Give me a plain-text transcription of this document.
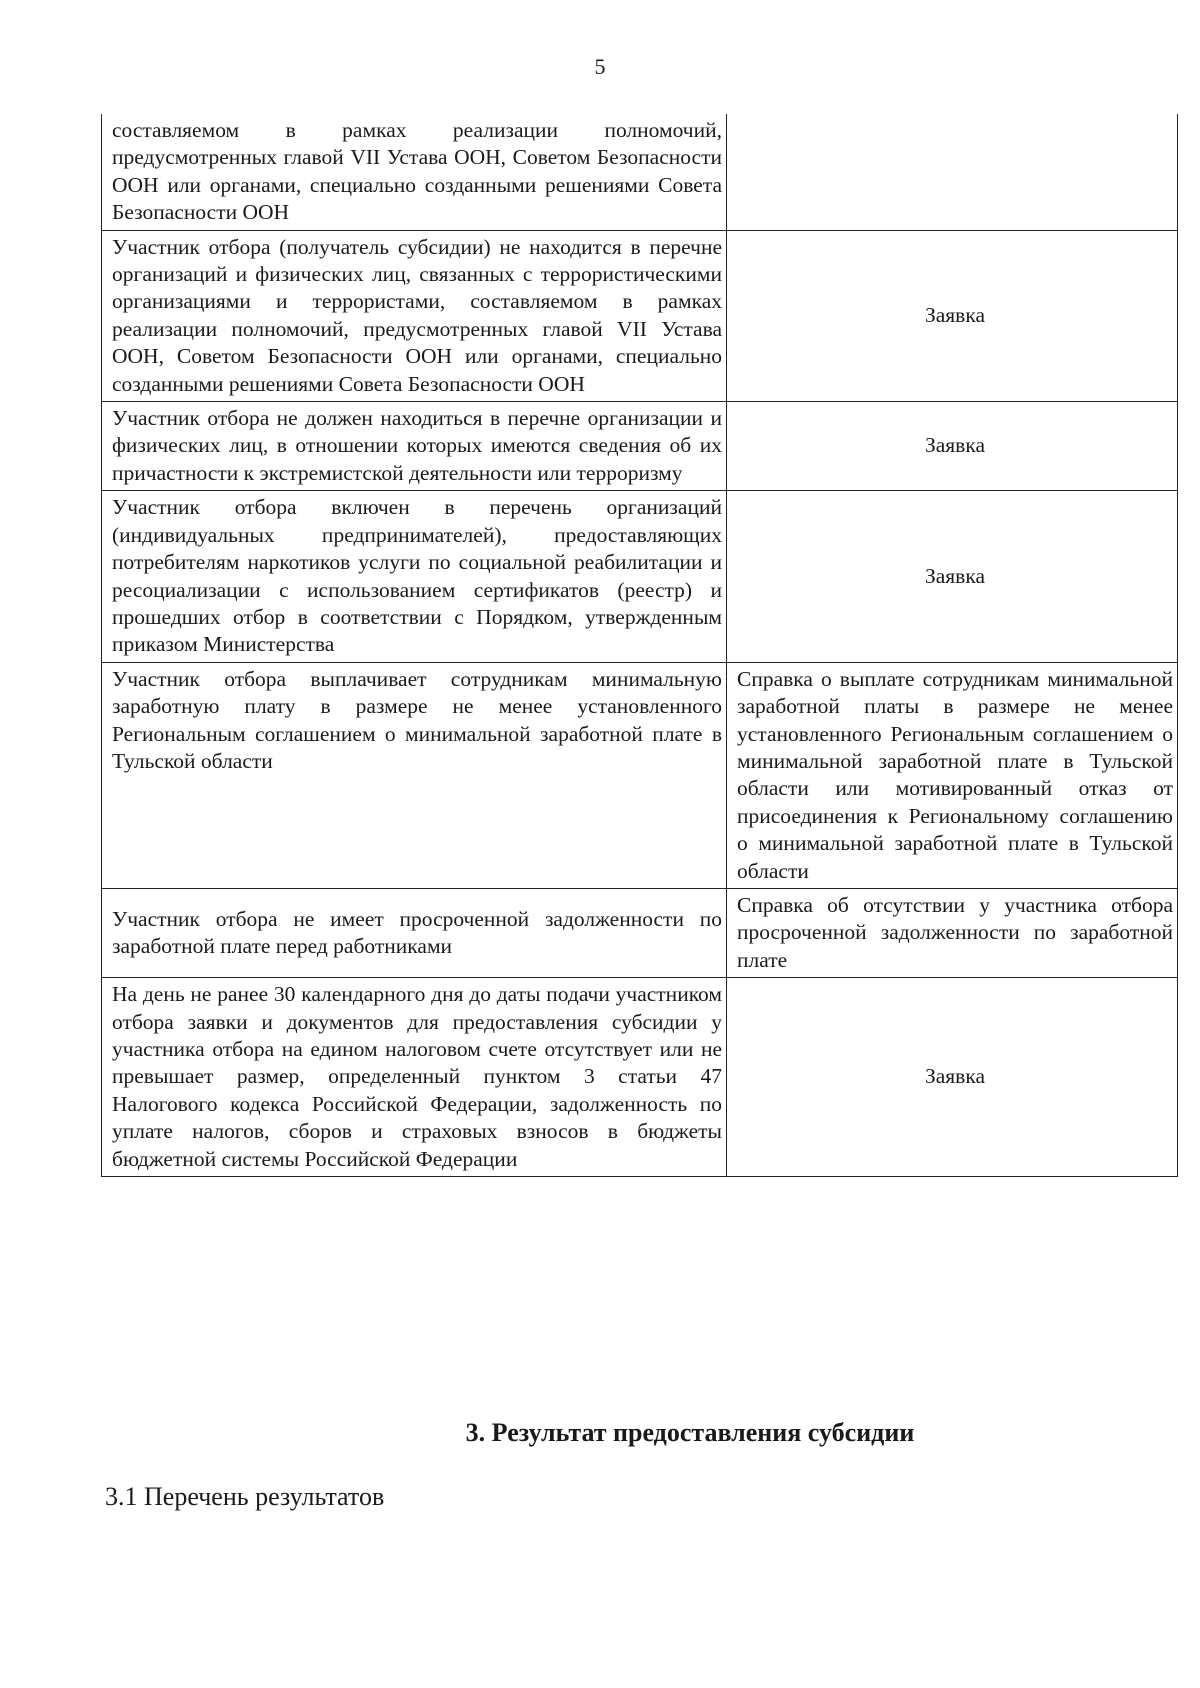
5
составляемом в рамках реализации полномочий, предусмотренных главой VII Устава ООН, Советом Безопасности ООН или органами, специально созданными решениями Совета Безопасности ООН	
Участник отбора (получатель субсидии) не находится в перечне организаций и физических лиц, связанных с террористическими организациями и террористами, составляемом в рамках реализации полномочий, предусмотренных главой VII Устава ООН, Советом Безопасности ООН или органами, специально созданными решениями Совета Безопасности ООН	Заявка
Участник отбора не должен находиться в перечне организации и физических лиц, в отношении которых имеются сведения об их причастности к экстремистской деятельности или терроризму	Заявка
Участник отбора включен в перечень организаций (индивидуальных предпринимателей), предоставляющих потребителям наркотиков услуги по социальной реабилитации и ресоциализации с использованием сертификатов (реестр) и прошедших отбор в соответствии с Порядком, утвержденным приказом Министерства	Заявка
Участник отбора выплачивает сотрудникам минимальную заработную плату в размере не менее установленного Региональным соглашением о минимальной заработной плате в Тульской области	Справка о выплате сотрудникам минимальной заработной платы в размере не менее установленного Региональным соглашением о минимальной заработной плате в Тульской области или мотивированный отказ от присоединения к Региональному соглашению о минимальной заработной плате в Тульской области
Участник отбора не имеет просроченной задолженности по заработной плате перед работниками	Справка об отсутствии у участника отбора просроченной задолженности по заработной плате
На день не ранее 30 календарного дня до даты подачи участником отбора заявки и документов для предоставления субсидии у участника отбора на едином налоговом счете отсутствует или не превышает размер, определенный пунктом 3 статьи 47 Налогового кодекса Российской Федерации, задолженность по уплате налогов, сборов и страховых взносов в бюджеты бюджетной системы Российской Федерации	Заявка
3. Результат предоставления субсидии
3.1 Перечень результатов
